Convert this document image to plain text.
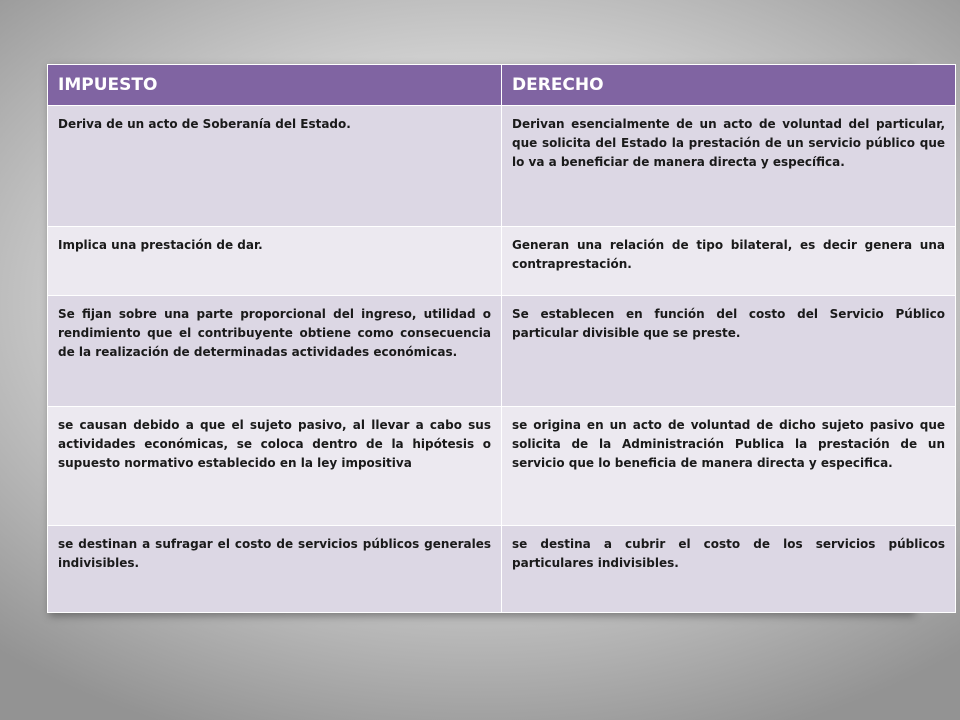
IMPUESTO	DERECHO
Deriva de un acto de Soberanía del Estado.	Derivan esencialmente de un acto de voluntad del particular, que solicita del Estado la prestación de un servicio público que lo va a beneficiar de manera directa y específica.
Implica una prestación de dar.	Generan una relación de tipo bilateral, es decir genera una contraprestación.
Se fijan sobre una parte proporcional del ingreso, utilidad o rendimiento que el contribuyente obtiene como consecuencia de la realización de determinadas actividades económicas.	Se establecen en función del costo del Servicio Público particular divisible que se preste.
se causan debido a que el sujeto pasivo, al llevar a cabo sus actividades económicas, se coloca dentro de la hipótesis o supuesto normativo establecido en la ley impositiva	se origina en un acto de voluntad de dicho sujeto pasivo que solicita de la Administración Publica la prestación de un servicio que lo beneficia de manera directa y especifica.
se destinan a sufragar el costo de servicios públicos generales indivisibles.	se destina a cubrir el costo de los servicios públicos particulares indivisibles.
